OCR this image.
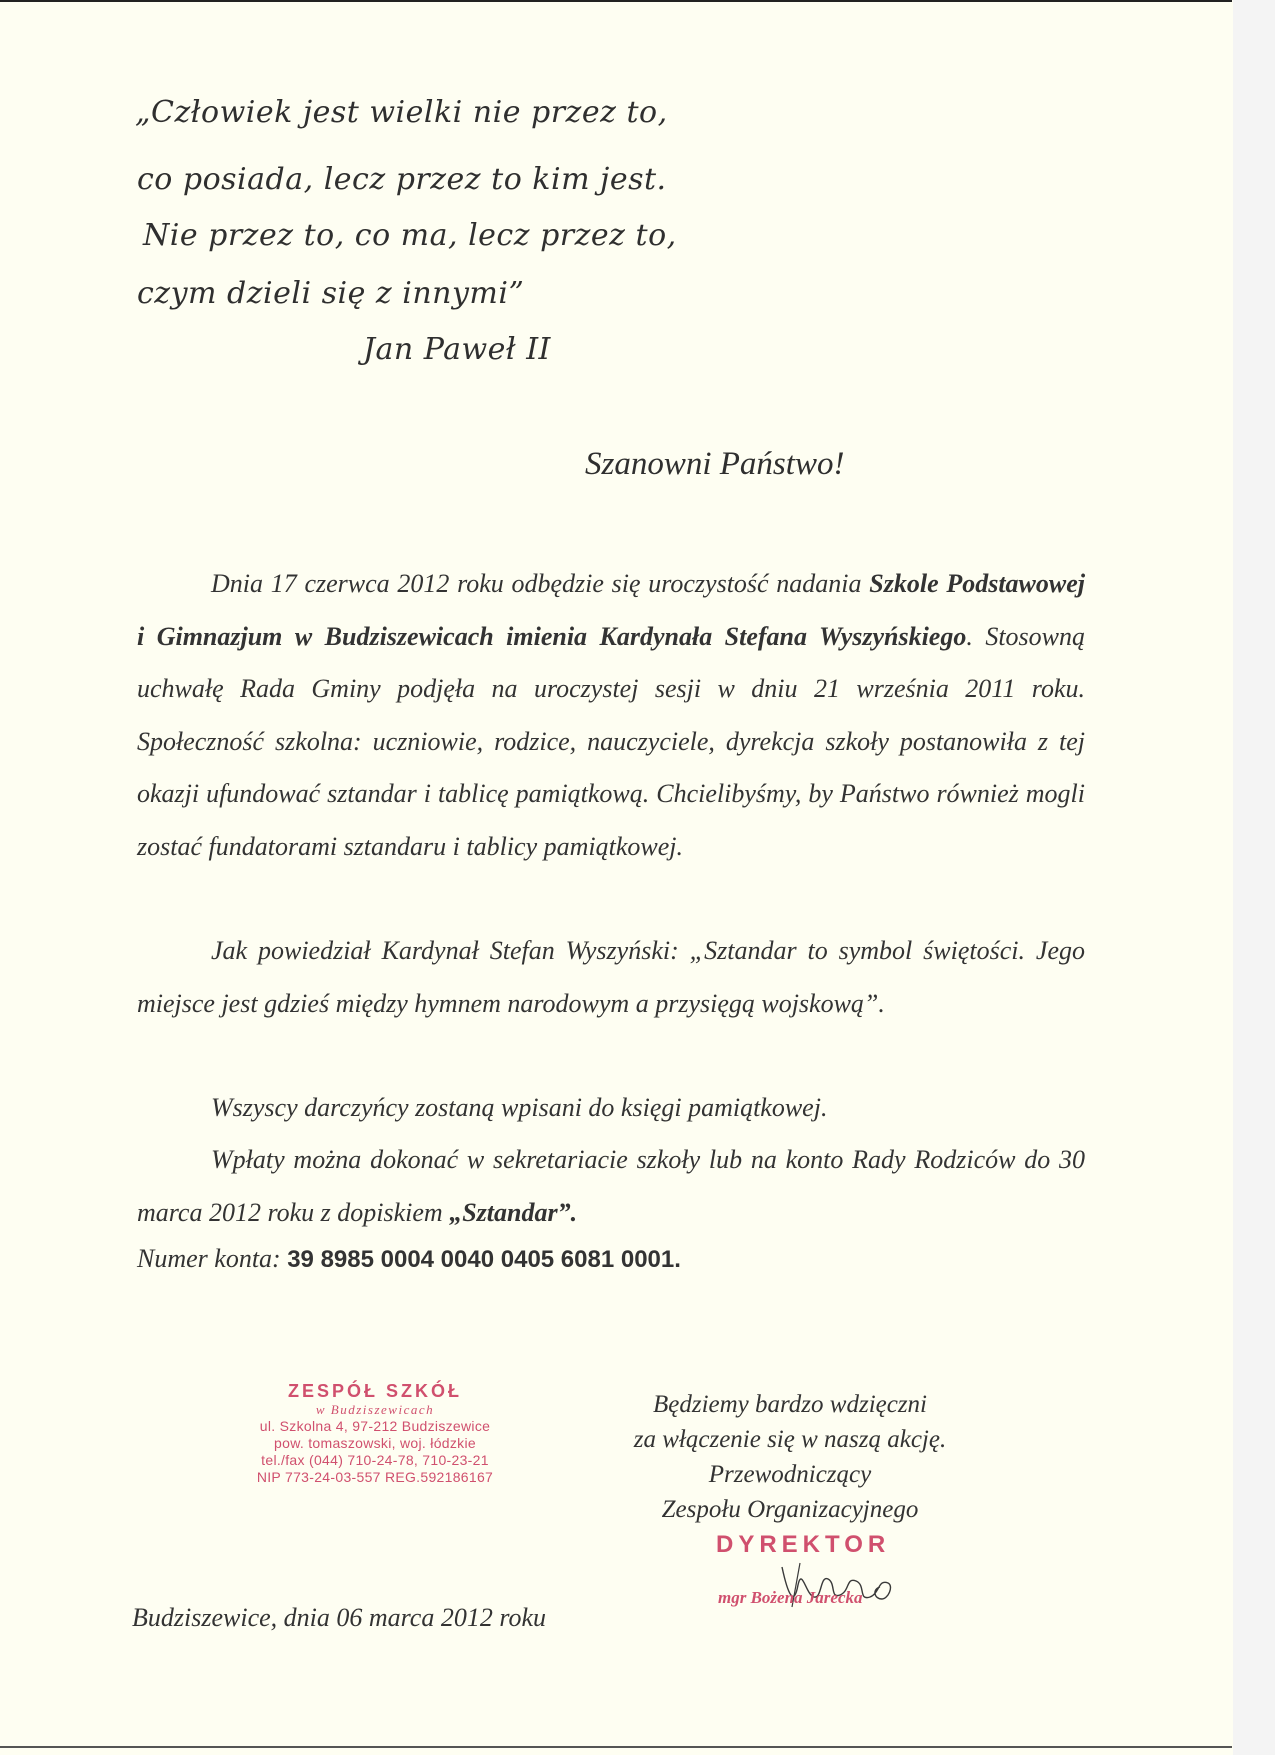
„Człowiek jest wielki nie przez to,
co posiada, lecz przez to kim jest.
Nie przez to, co ma, lecz przez to,
czym dzieli się z innymi”
Jan Paweł II
Szanowni Państwo!

Dnia 17 czerwca 2012 roku odbędzie się uroczystość nadania Szkole Podstawowej i Gimnazjum w Budziszewicach imienia Kardynała Stefana Wyszyńskiego. Stosowną uchwałę Rada Gminy podjęła na uroczystej sesji w dniu 21 września 2011 roku. Społeczność szkolna: uczniowie, rodzice, nauczyciele, dyrekcja szkoły postanowiła z tej okazji ufundować sztandar i tablicę pamiątkową. Chcielibyśmy, by Państwo również mogli zostać fundatorami sztandaru i tablicy pamiątkowej.

Jak powiedział Kardynał Stefan Wyszyński: „Sztandar to symbol świętości. Jego miejsce jest gdzieś między hymnem narodowym a przysięgą wojskową”.

Wszyscy darczyńcy zostaną wpisani do księgi pamiątkowej.

Wpłaty można dokonać w sekretariacie szkoły lub na konto Rady Rodziców do 30 marca 2012 roku z dopiskiem „Sztandar”.

Numer konta: 39 8985 0004 0040 0405 6081 0001.
ZESPÓŁ SZKÓŁ
w Budziszewicach
ul. Szkolna 4, 97-212 Budziszewice
pow. tomaszowski, woj. łódzkie
tel./fax (044) 710-24-78, 710-23-21
NIP 773-24-03-557 REG.592186167
Będziemy bardzo wdzięczni
za włączenie się w naszą akcję.
Przewodniczący
Zespołu Organizacyjnego
DYREKTOR
mgr Bożena Jarecka
Budziszewice, dnia 06 marca 2012 roku
